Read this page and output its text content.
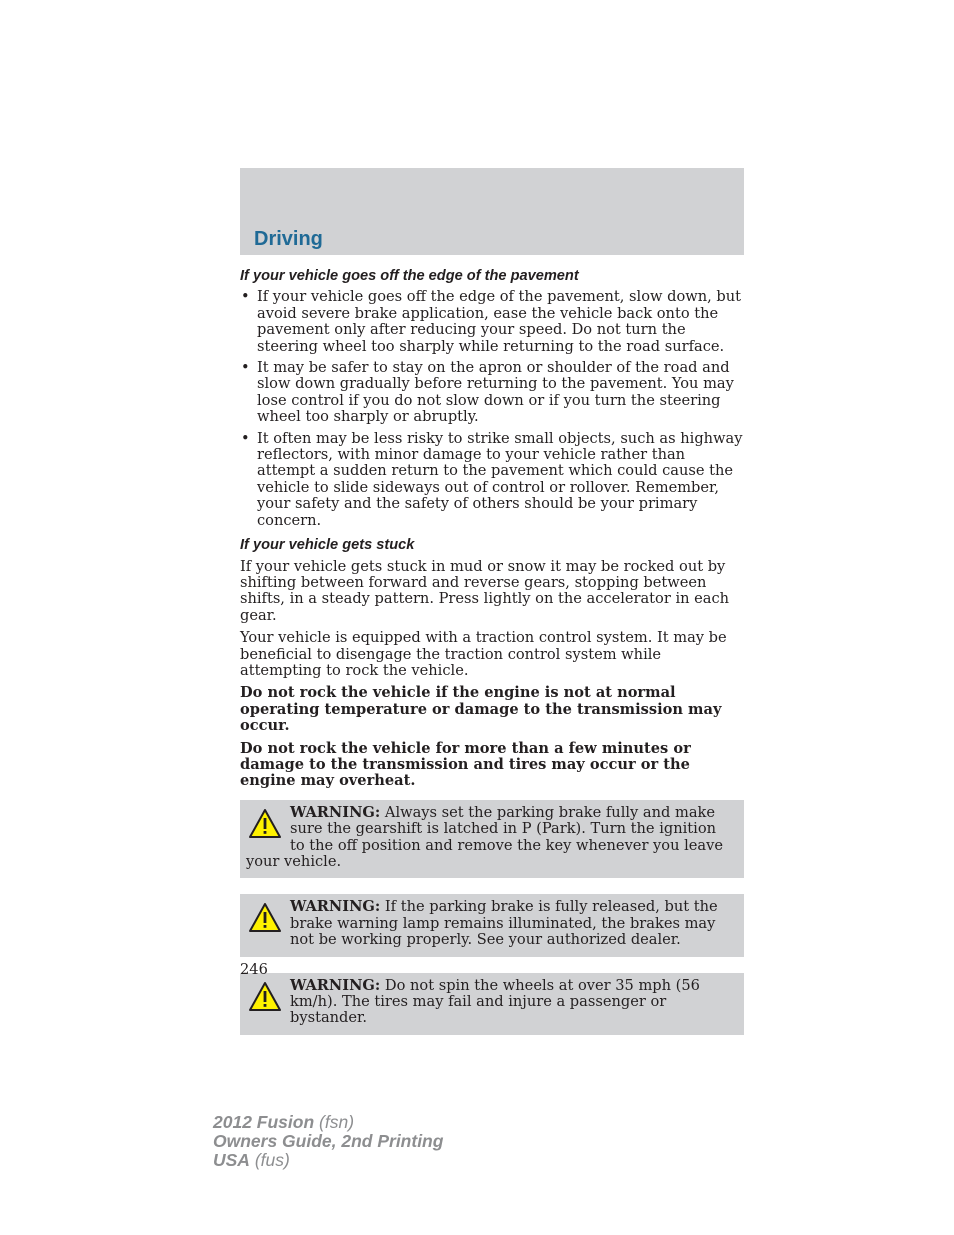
Driving
If your vehicle goes off the edge of the pavement
• If your vehicle goes off the edge of the pavement, slow down, but avoid severe brake application, ease the vehicle back onto the pavement only after reducing your speed. Do not turn the steering wheel too sharply while returning to the road surface.
• It may be safer to stay on the apron or shoulder of the road and slow down gradually before returning to the pavement. You may lose control if you do not slow down or if you turn the steering wheel too sharply or abruptly.
• It often may be less risky to strike small objects, such as highway reflectors, with minor damage to your vehicle rather than attempt a sudden return to the pavement which could cause the vehicle to slide sideways out of control or rollover. Remember, your safety and the safety of others should be your primary concern.
If your vehicle gets stuck

If your vehicle gets stuck in mud or snow it may be rocked out by shifting between forward and reverse gears, stopping between shifts, in a steady pattern. Press lightly on the accelerator in each gear.

Your vehicle is equipped with a traction control system. It may be beneficial to disengage the traction control system while attempting to rock the vehicle.

Do not rock the vehicle if the engine is not at normal operating temperature or damage to the transmission may occur.

Do not rock the vehicle for more than a few minutes or damage to the transmission and tires may occur or the engine may overheat.

WARNING: Always set the parking brake fully and make sure the gearshift is latched in P (Park). Turn the ignition to the off position and remove the key whenever you leave your vehicle.
WARNING: If the parking brake is fully released, but the brake warning lamp remains illuminated, the brakes may not be working properly. See your authorized dealer.
WARNING: Do not spin the wheels at over 35 mph (56 km/h). The tires may fail and injure a passenger or bystander.
246
2012 Fusion (fsn)
Owners Guide, 2nd Printing
USA (fus)
